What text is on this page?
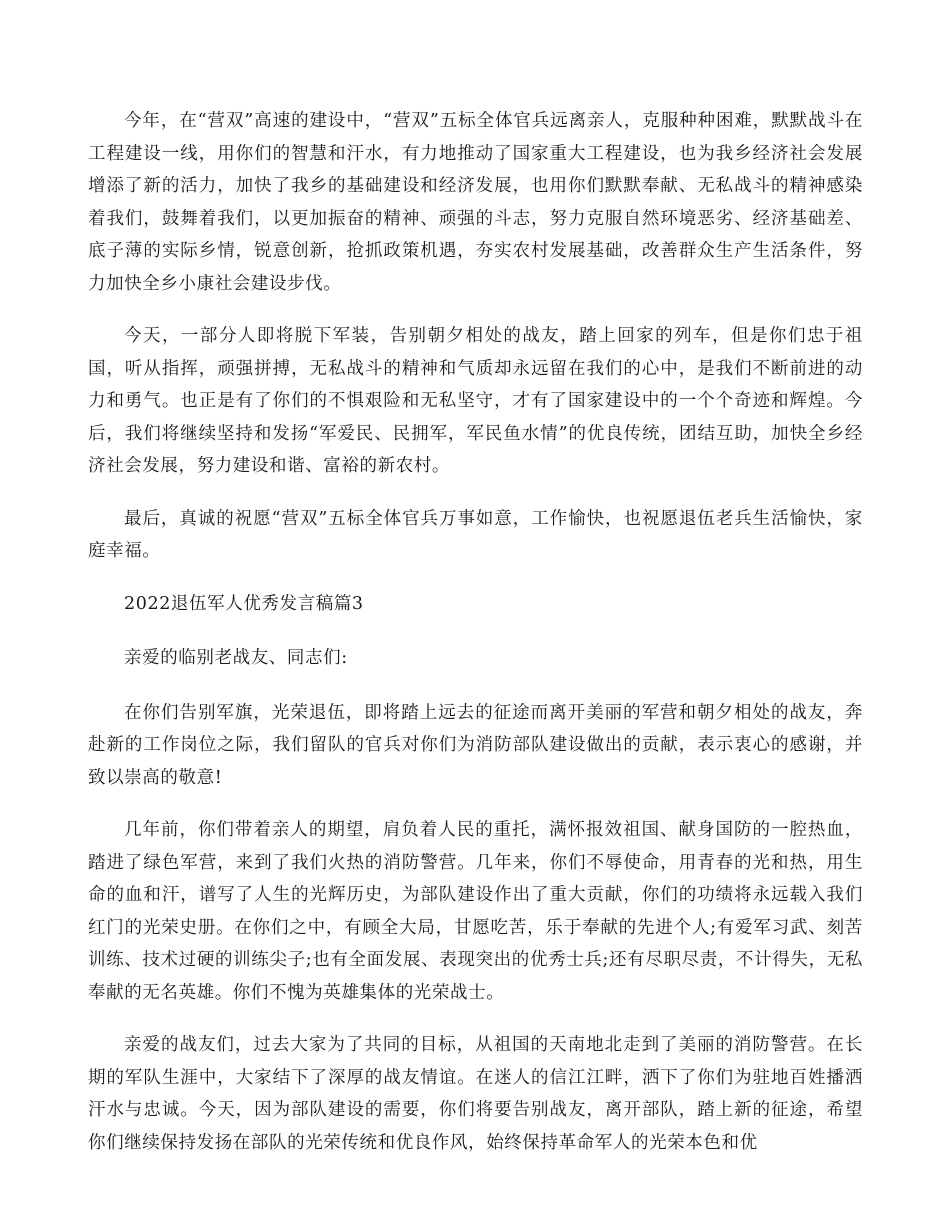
今年，在“营双”高速的建设中，“营双”五标全体官兵远离亲人，克服种种困难，默默战斗在工程建设一线，用你们的智慧和汗水，有力地推动了国家重大工程建设，也为我乡经济社会发展增添了新的活力，加快了我乡的基础建设和经济发展，也用你们默默奉献、无私战斗的精神感染着我们，鼓舞着我们，以更加振奋的精神、顽强的斗志，努力克服自然环境恶劣、经济基础差、底子薄的实际乡情，锐意创新，抢抓政策机遇，夯实农村发展基础，改善群众生产生活条件，努力加快全乡小康社会建设步伐。

今天，一部分人即将脱下军装，告别朝夕相处的战友，踏上回家的列车，但是你们忠于祖国，听从指挥，顽强拼搏，无私战斗的精神和气质却永远留在我们的心中，是我们不断前进的动力和勇气。也正是有了你们的不惧艰险和无私坚守，才有了国家建设中的一个个奇迹和辉煌。今后，我们将继续坚持和发扬“军爱民、民拥军，军民鱼水情”的优良传统，团结互助，加快全乡经济社会发展，努力建设和谐、富裕的新农村。

最后，真诚的祝愿“营双”五标全体官兵万事如意，工作愉快，也祝愿退伍老兵生活愉快，家庭幸福。

2022退伍军人优秀发言稿篇3

亲爱的临别老战友、同志们:

在你们告别军旗，光荣退伍，即将踏上远去的征途而离开美丽的军营和朝夕相处的战友，奔赴新的工作岗位之际，我们留队的官兵对你们为消防部队建设做出的贡献，表示衷心的感谢，并致以崇高的敬意!

几年前，你们带着亲人的期望，肩负着人民的重托，满怀报效祖国、献身国防的一腔热血，踏进了绿色军营，来到了我们火热的消防警营。几年来，你们不辱使命，用青春的光和热，用生命的血和汗，谱写了人生的光辉历史，为部队建设作出了重大贡献，你们的功绩将永远载入我们红门的光荣史册。在你们之中，有顾全大局，甘愿吃苦，乐于奉献的先进个人;有爱军习武、刻苦训练、技术过硬的训练尖子;也有全面发展、表现突出的优秀士兵;还有尽职尽责，不计得失，无私奉献的无名英雄。你们不愧为英雄集体的光荣战士。

亲爱的战友们，过去大家为了共同的目标，从祖国的天南地北走到了美丽的消防警营。在长期的军队生涯中，大家结下了深厚的战友情谊。在迷人的信江江畔，洒下了你们为驻地百姓播洒汗水与忠诚。今天，因为部队建设的需要，你们将要告别战友，离开部队，踏上新的征途，希望你们继续保持发扬在部队的光荣传统和优良作风，始终保持革命军人的光荣本色和优
